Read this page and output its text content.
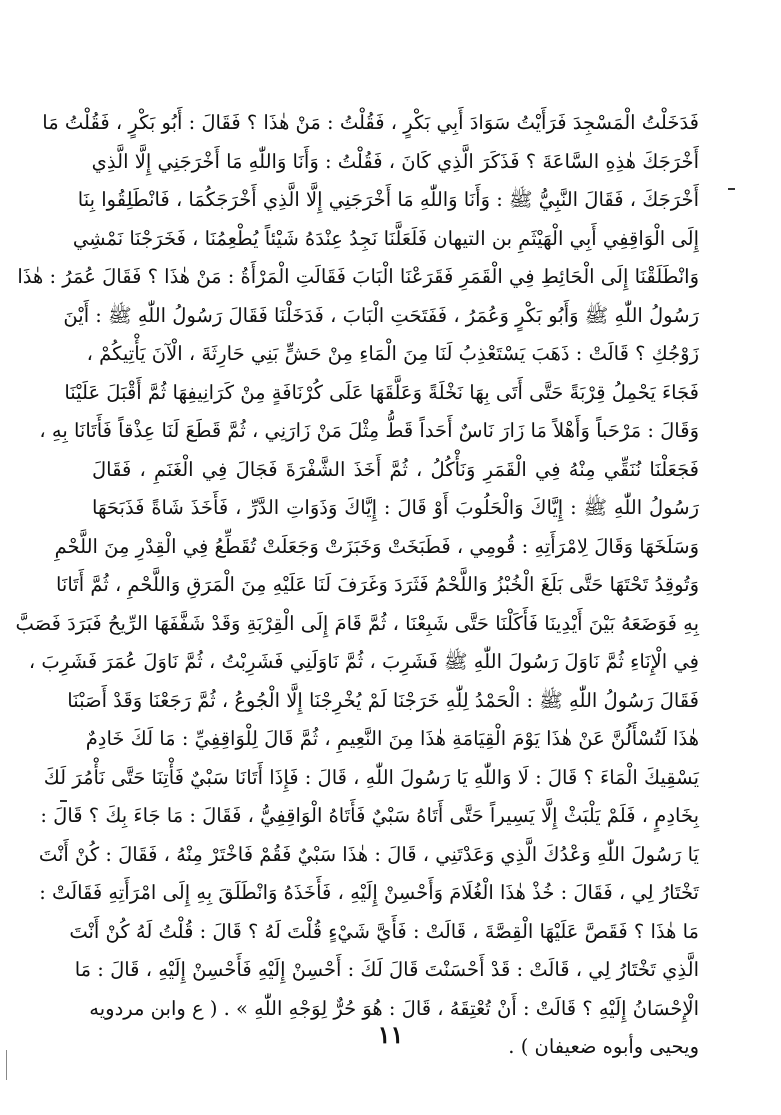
فَدَخَلْتُ الْمَسْجِدَ فَرَأَيْتُ سَوَادَ أَبِي بَكْرٍ ، فَقُلْتُ : مَنْ هٰذَا ؟ فَقَالَ : أَبُو بَكْرٍ ، فَقُلْتُ مَا
أَخْرَجَكَ هٰذِهِ السَّاعَةَ ؟ فَذَكَرَ الَّذِي كَانَ ، فَقُلْتُ : وَأَنَا وَاللّٰهِ مَا أَخْرَجَنِي إِلَّا الَّذِي
أَخْرَجَكَ ، فَقَالَ النَّبِيُّ ﷺ : وَأَنَا وَاللّٰهِ مَا أَخْرَجَنِي إِلَّا الَّذِي أَخْرَجَكُمَا ، فَانْطَلِقُوا بِنَا
إِلَى الْوَاقِفِي أَبِي الْهَيْثَمِ بن التيهان فَلَعَلَّنَا نَجِدُ عِنْدَهُ شَيْئاً يُطْعِمُنَا ، فَخَرَجْنَا نَمْشِي
وَانْطَلَقْنَا إِلَى الْحَائِطِ فِي الْقَمَرِ فَقَرَعْنَا الْبَابَ فَقَالَتِ الْمَرْأَةُ : مَنْ هٰذَا ؟ فَقَالَ عُمَرُ : هٰذَا
رَسُولُ اللّٰهِ ﷺ وَأَبُو بَكْرٍ وَعُمَرُ ، فَفَتَحَتِ الْبَابَ ، فَدَخَلْنَا فَقَالَ رَسُولُ اللّٰهِ ﷺ : أَيْنَ
زَوْجُكِ ؟ قَالَتْ : ذَهَبَ يَسْتَعْذِبُ لَنَا مِنَ الْمَاءِ مِنْ حَشٍّ بَنِي حَارِثَةَ ، الْآنَ يَأْتِيكُمْ ،
فَجَاءَ يَحْمِلُ قِرْبَةً حَتَّى أَتَى بِهَا نَخْلَةً وَعَلَّقَهَا عَلَى كُرْنَافَةٍ مِنْ كَرَانِيفِهَا ثُمَّ أَقْبَلَ عَلَيْنَا
وَقَالَ : مَرْحَباً وَأَهْلاً مَا زَارَ نَاسٌ أَحَداً قَطُّ مِثْلَ مَنْ زَارَنِي ، ثُمَّ قَطَعَ لَنَا عِذْقاً فَأَتَانَا بِهِ ،
فَجَعَلْنَا نُنَقِّي مِنْهُ فِي الْقَمَرِ وَنَأْكُلُ ، ثُمَّ أَخَذَ الشَّفْرَةَ فَجَالَ فِي الْغَنَمِ ، فَقَالَ
رَسُولُ اللّٰهِ ﷺ : إِيَّاكَ وَالْحَلُوبَ أَوْ قَالَ : إِيَّاكَ وَذَوَاتِ الدَّرِّ ، فَأَخَذَ شَاةً فَذَبَحَهَا
وَسَلَخَهَا وَقَالَ لِامْرَأَتِهِ : قُومِي ، فَطَبَخَتْ وَخَبَزَتْ وَجَعَلَتْ تُقَطِّعُ فِي الْقِدْرِ مِنَ اللَّحْمِ
وَتُوقِدُ تَحْتَهَا حَتَّى بَلَغَ الْخُبْزُ وَاللَّحْمُ فَثَرَدَ وَغَرَفَ لَنَا عَلَيْهِ مِنَ الْمَرَقِ وَاللَّحْمِ ، ثُمَّ أَتَانَا
بِهِ فَوَضَعَهُ بَيْنَ أَيْدِينَا فَأَكَلْنَا حَتَّى شَبِعْنَا ، ثُمَّ قَامَ إِلَى الْقِرْبَةِ وَقَدْ شَفَّفَهَا الرِّيحُ فَبَرَدَ فَصَبَّ
فِي الْإِنَاءِ ثُمَّ نَاوَلَ رَسُولَ اللّٰهِ ﷺ فَشَرِبَ ، ثُمَّ نَاوَلَنِي فَشَرِبْتُ ، ثُمَّ نَاوَلَ عُمَرَ فَشَرِبَ ،
فَقَالَ رَسُولُ اللّٰهِ ﷺ : الْحَمْدُ لِلّٰهِ خَرَجْنَا لَمْ يُخْرِجْنَا إِلَّا الْجُوعُ ، ثُمَّ رَجَعْنَا وَقَدْ أَصَبْنَا
هٰذَا لَتُسْأَلُنَّ عَنْ هٰذَا يَوْمَ الْقِيَامَةِ هٰذَا مِنَ النَّعِيمِ ، ثُمَّ قَالَ لِلْوَاقِفِيِّ : مَا لَكَ خَادِمٌ
يَسْقِيكَ الْمَاءَ ؟ قَالَ : لَا وَاللّٰهِ يَا رَسُولَ اللّٰهِ ، قَالَ : فَإِذَا أَتَانَا سَبْيٌ فَأْتِنَا حَتَّى نَأْمُرَ لَكَ
بِخَادِمٍ ، فَلَمْ يَلْبَثْ إِلَّا يَسِيراً حَتَّى أَتَاهُ سَبْيٌ فَأَتَاهُ الْوَاقِفِيُّ ، فَقَالَ : مَا جَاءَ بِكَ ؟ قَالَ :
يَا رَسُولَ اللّٰهِ وَعْدُكَ الَّذِي وَعَدْتَنِي ، قَالَ : هٰذَا سَبْيٌ فَقُمْ فَاخْتَرْ مِنْهُ ، فَقَالَ : كُنْ أَنْتَ
تَخْتَارُ لِي ، فَقَالَ : خُذْ هٰذَا الْغُلَامَ وَأَحْسِنْ إِلَيْهِ ، فَأَخَذَهُ وَانْطَلَقَ بِهِ إِلَى امْرَأَتِهِ فَقَالَتْ :
مَا هٰذَا ؟ فَقَصَّ عَلَيْهَا الْقِصَّةَ ، قَالَتْ : فَأَيَّ شَيْءٍ قُلْتَ لَهُ ؟ قَالَ : قُلْتُ لَهُ كُنْ أَنْتَ
الَّذِي تَخْتَارُ لِي ، قَالَتْ : قَدْ أَحْسَنْتَ قَالَ لَكَ : أَحْسِنْ إِلَيْهِ فَأَحْسِنْ إِلَيْهِ ، قَالَ : مَا
الْإِحْسَانُ إِلَيْهِ ؟ قَالَتْ : أَنْ تُعْتِقَهُ ، قَالَ : هُوَ حُرٌّ لِوَجْهِ اللّٰهِ » . ( ع وابن مردويه
ويحيى وأبوه ضعيفان ) .
١١
